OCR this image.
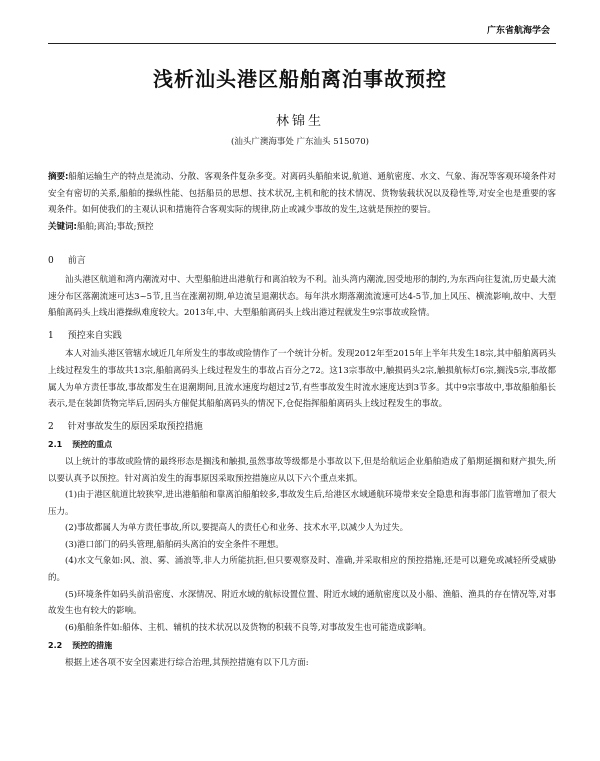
广东省航海学会
浅析汕头港区船舶离泊事故预控
林锦生
(汕头广澳海事处 广东汕头 515070)

摘要:船舶运输生产的特点是流动、分散、客观条件复杂多变。对离码头船舶来说,航道、通航密度、水文、气象、海况等客观环境条件对安全有密切的关系,船舶的操纵性能、包括船员的思想、技术状况,主机和舵的技术情况、货物装载状况以及稳性等,对安全也是重要的客观条件。如何使我们的主观认识和措施符合客观实际的规律,防止或减少事故的发生,这就是预控的要旨。

关键词:船舶;离泊;事故;预控

0 前言

汕头港区航道和湾内潮流对中、大型船舶进出港航行和离泊较为不利。汕头湾内潮流,因受地形的制约,为东西向往复流,历史最大流速分布区落潮流速可达3~5节,且当在涨潮初期,单边流呈退潮状态。每年洪水期落潮流流速可达4-5节,加上风压、横流影响,故中、大型船舶离码头上线出港操纵难度较大。2013年,中、大型船舶离码头上线出港过程就发生9宗事故或险情。

1 预控来自实践

本人对汕头港区管辖水域近几年所发生的事故或险情作了一个统计分析。发现2012年至2015年上半年共发生18宗,其中船舶离码头上线过程发生的事故共13宗,船舶离码头上线过程发生的事故占百分之72。这13宗事故中,触损码头2宗,触损航标灯6宗,搁浅5宗,事故都属人为单方责任事故,事故都发生在退潮期间,且流水速度均超过2节,有些事故发生时流水速度达到3节多。其中9宗事故中,事故船舶船长表示,是在装卸货物完毕后,因码头方催促其船舶离码头的情况下,仓促指挥船舶离码头上线过程发生的事故。

2 针对事故发生的原因采取预控措施
2.1 预控的重点

以上统计的事故或险情的最终形态是搁浅和触损,虽然事故等级都是小事故以下,但是给航运企业船舶造成了船期延搁和财产损失,所以要认真予以预控。针对离泊发生的海事原因采取预控措施应从以下六个重点来抓。

(1)由于港区航道比较狭窄,进出港船舶和靠离泊船舶较多,事故发生后,给港区水域通航环境带来安全隐患和海事部门监管增加了很大压力。

(2)事故都属人为单方责任事故,所以,要提高人的责任心和业务、技术水平,以减少人为过失。

(3)港口部门的码头管理,船舶码头离泊的安全条件不理想。

(4)水文气象如:风、浪、雾、涌浪等,非人力所能抗拒,但只要观察及时、准确,并采取相应的预控措施,还是可以避免或减轻所受威胁的。

(5)环境条件如码头前沿密度、水深情况、附近水域的航标设置位置、附近水域的通航密度以及小船、渔船、渔具的存在情况等,对事故发生也有较大的影响。

(6)船舶条件如:船体、主机、辅机的技术状况以及货物的积载不良等,对事故发生也可能造成影响。

2.2 预控的措施

根据上述各项不安全因素进行综合治理,其预控措施有以下几方面:
